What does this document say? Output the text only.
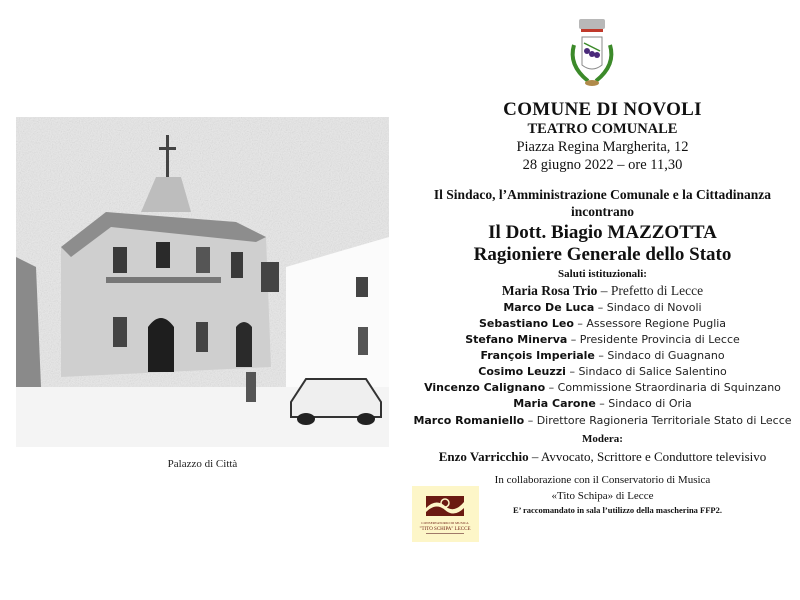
Palazzo di Città
COMUNE DI NOVOLI
TEATRO COMUNALE
Piazza Regina Margherita, 12
28 giugno 2022 – ore 11,30
Il Sindaco, l’Amministrazione Comunale e la Cittadinanza
incontrano
Il Dott. Biagio MAZZOTTA
Ragioniere Generale dello Stato
Saluti istituzionali:
Maria Rosa Trio – Prefetto di Lecce
Marco De Luca – Sindaco di Novoli
Sebastiano Leo – Assessore Regione Puglia
Stefano Minerva – Presidente Provincia di Lecce
François Imperiale – Sindaco di Guagnano
Cosimo Leuzzi – Sindaco di Salice Salentino
Vincenzo Calignano – Commissione Straordinaria di Squinzano
Maria Carone – Sindaco di Oria
Marco Romaniello – Direttore Ragioneria Territoriale Stato di Lecce
Modera:
Enzo Varricchio – Avvocato, Scrittore e Conduttore televisivo
In collaborazione con il Conservatorio di Musica
«Tito Schipa» di Lecce
E’ raccomandato in sala l’utilizzo della mascherina FFP2.
CONSERVATORIO DI MUSICA
"TITO SCHIPA" LECCE
